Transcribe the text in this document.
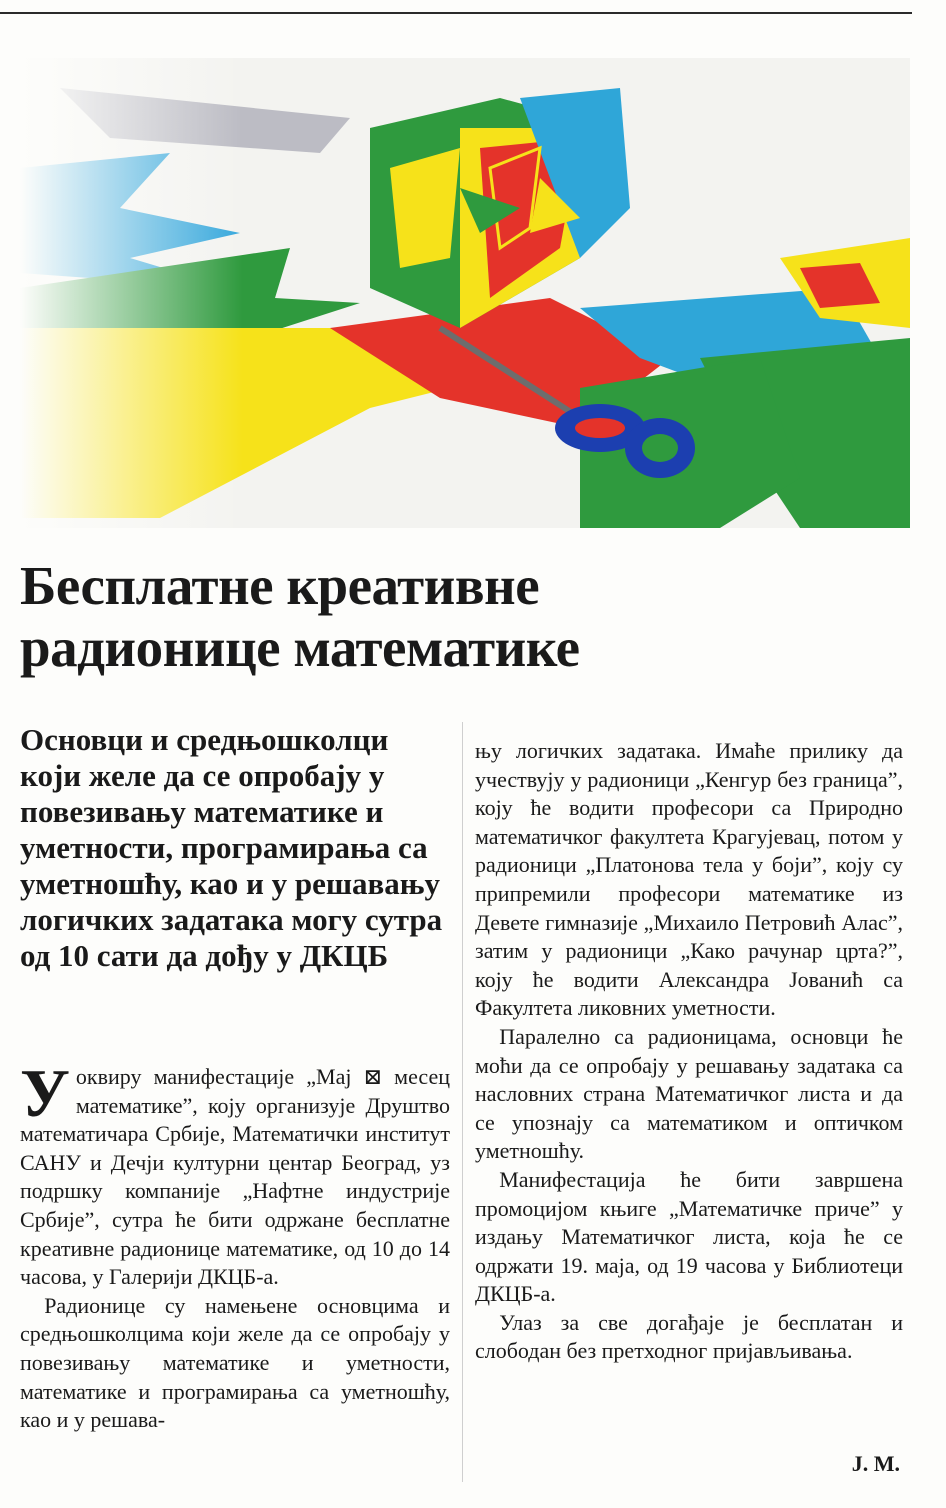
Бесплатне креативне
радионице математике

Основци и средњошколци који желе да се опробају у повезивању математике и уметности, програмирања са уметношћу, као и у решавању логичких задатака могу сутра од 10 сати да дођу у ДКЦБ

Уоквиру манифестације „Мај ⊠ месец математике”, коју организује Друштво математичара Србије, Математички институт САНУ и Дечји културни центар Београд, уз подршку компаније „Нафтне индустрије Србије”, сутра ће бити одржане бесплатне креативне радионице математике, од 10 до 14 часова, у Галерији ДКЦБ-а.

Радионице су намењене основцима и средњошколцима који желе да се опробају у повезивању математике и уметности, математике и програмирања са уметношћу, као и у решава-

њу логичких задатака. Имаће прилику да учествују у радионици „Кенгур без граница”, коју ће водити професори са Природно математичког факултета Крагујевац, потом у радионици „Платонова тела у боји”, коју су припремили професори математике из Девете гимназије „Михаило Петровић Алас”, затим у радионици „Како рачунар црта?”, коју ће водити Александра Јованић са Факултета ликовних уметности.

Паралелно са радионицама, основци ће моћи да се опробају у решавању задатака са насловних страна Математичког листа и да се упознају са математиком и оптичком уметношћу.

Манифестација ће бити завршена промоцијом књиге „Математичке приче” у издању Математичког листа, која ће се одржати 19. маја, од 19 часова у Библиотеци ДКЦБ-а.

Улаз за све догађаје је бесплатан и слободан без претходног пријављивања.

J. M.
